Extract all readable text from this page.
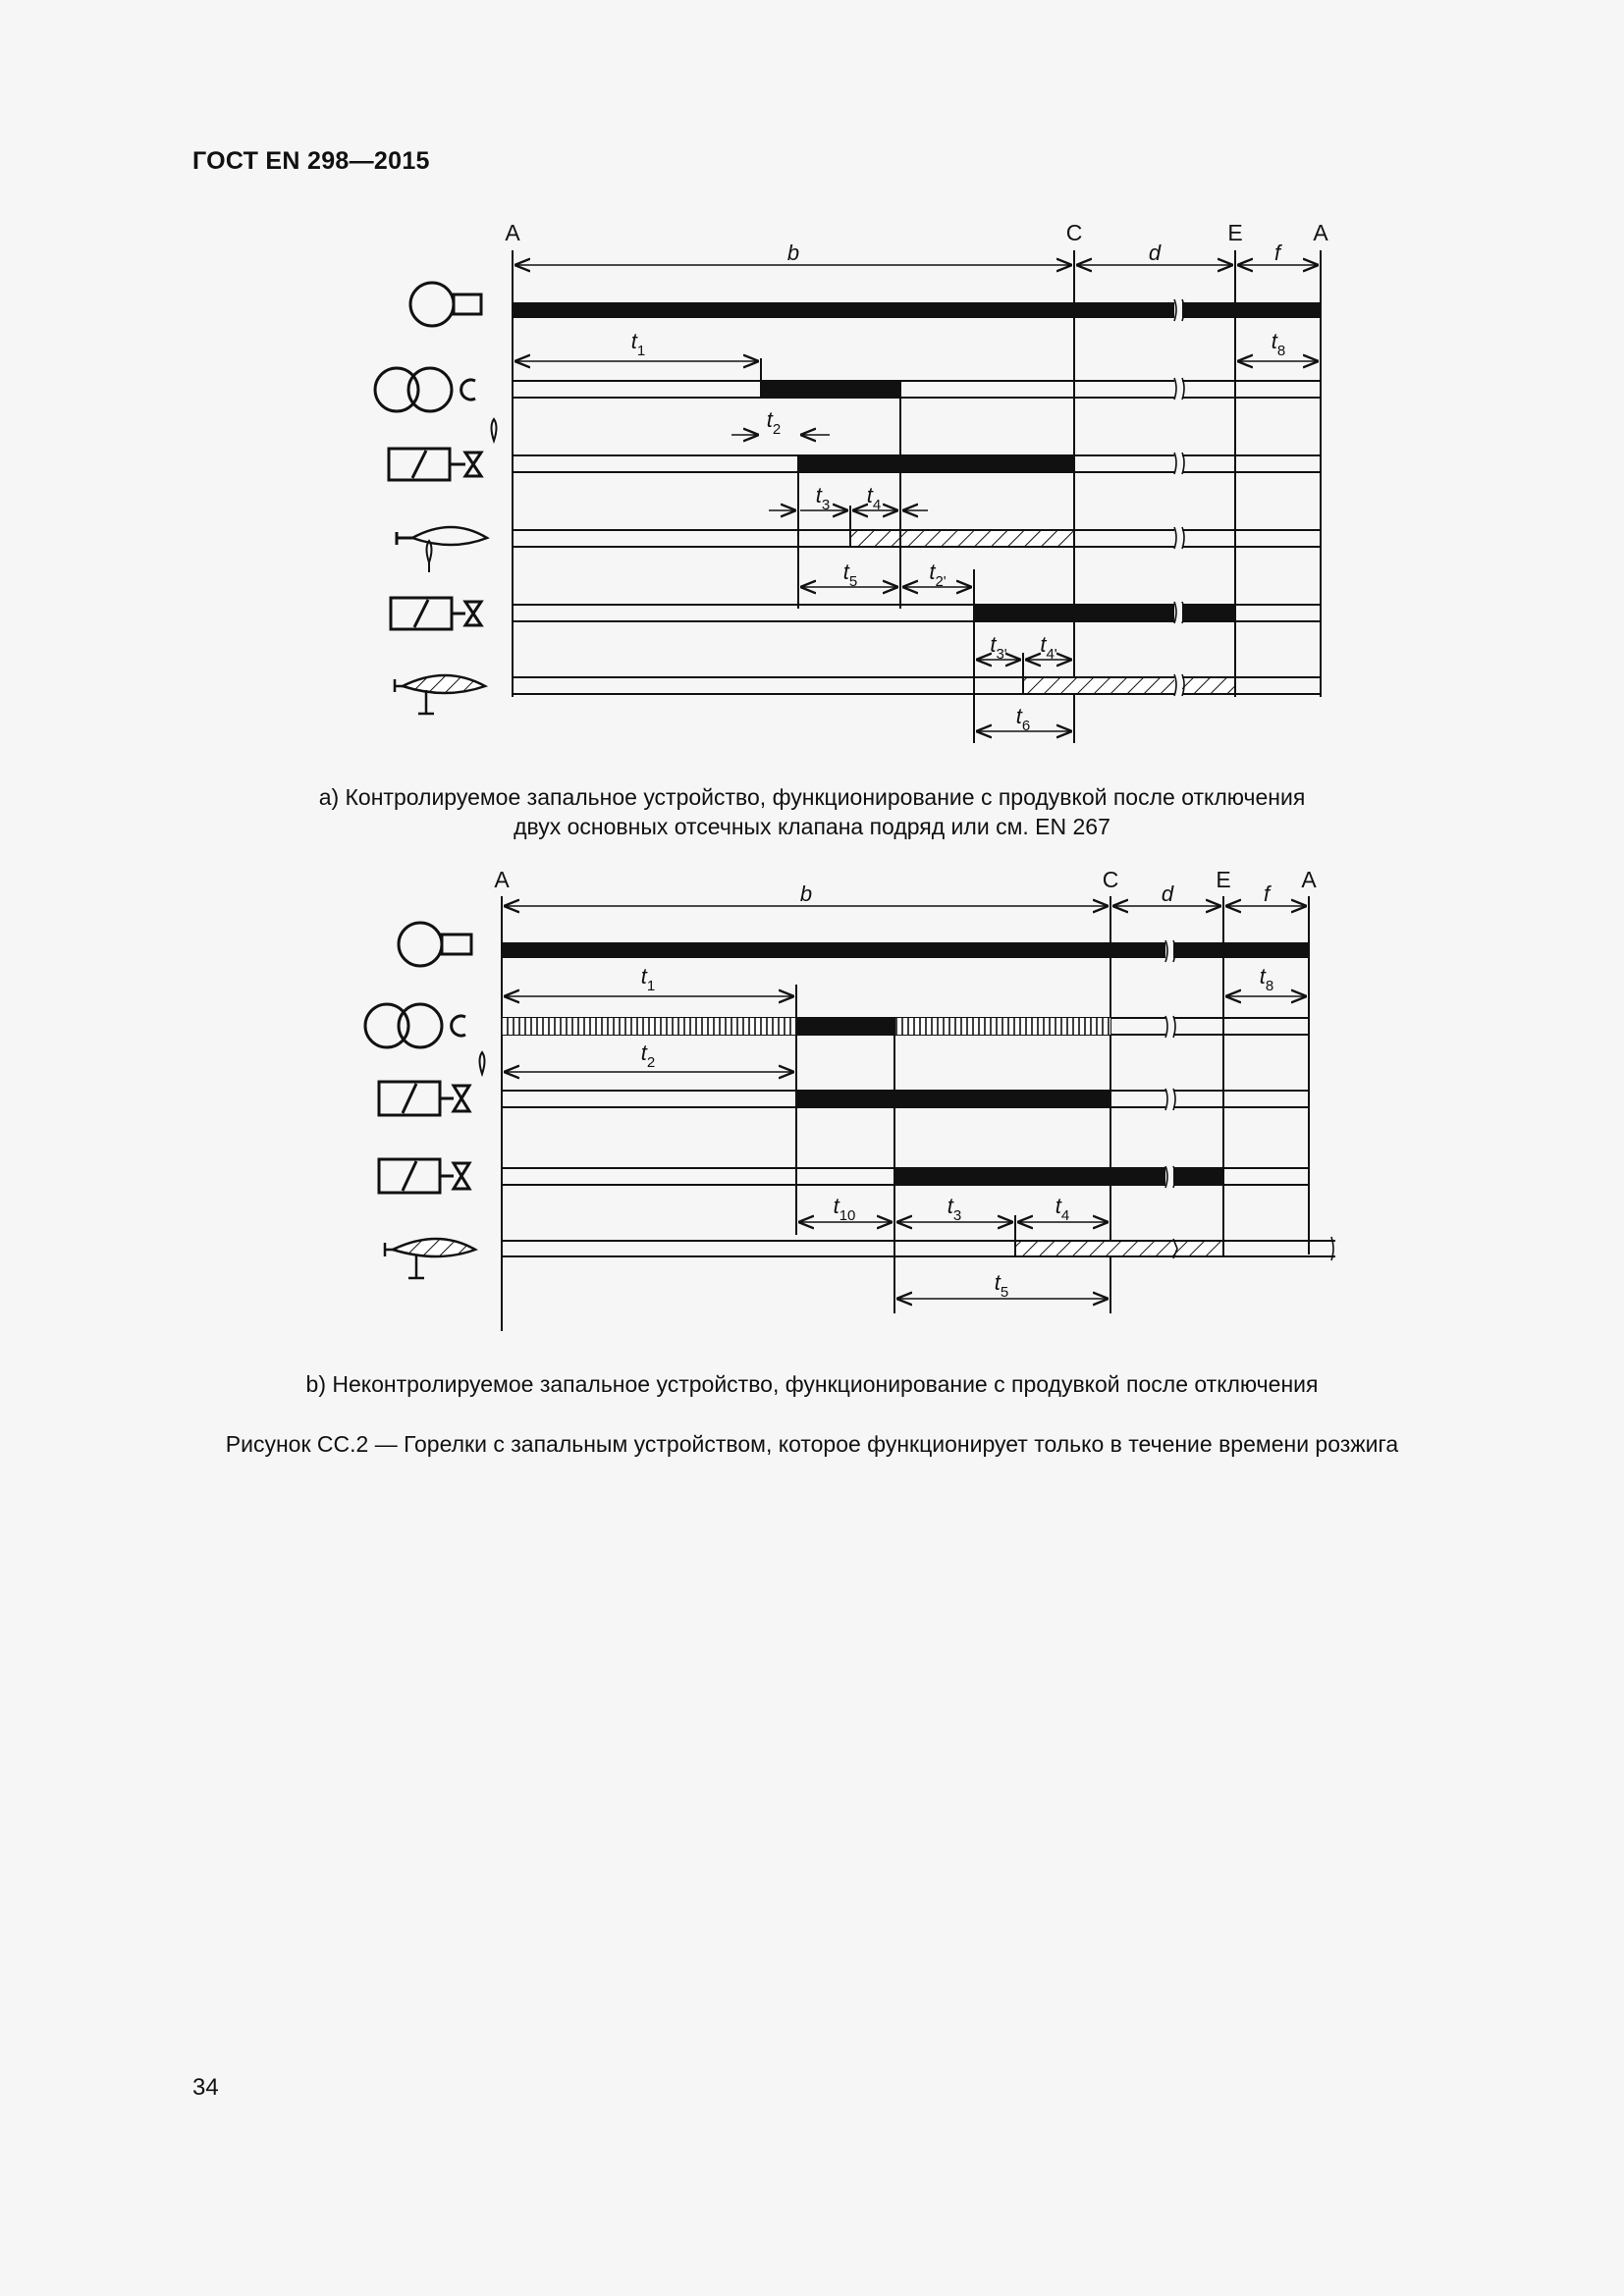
ГОСТ EN 298—2015
A	C	E	A
b	d	f
$t_1$
$t_2$
$t_3$ $t_4$
$t_5$	$t_{2'}$
$t_{3'}$ $t_{4'}$
$t_6$
$t_8$
a) Контролируемое запальное устройство, функционирование с продувкой после отключения
двух основных отсечных клапана подряд или см. EN 267
A	C	E	A
b	d	f
$t_1$
$t_2$
$t_{10}$	$t_3$	$t_4$
$t_5$
$t_8$
b) Неконтролируемое запальное устройство, функционирование с продувкой после отключения
Рисунок СС.2 — Горелки с запальным устройством, которое функционирует только в течение времени розжига
34
